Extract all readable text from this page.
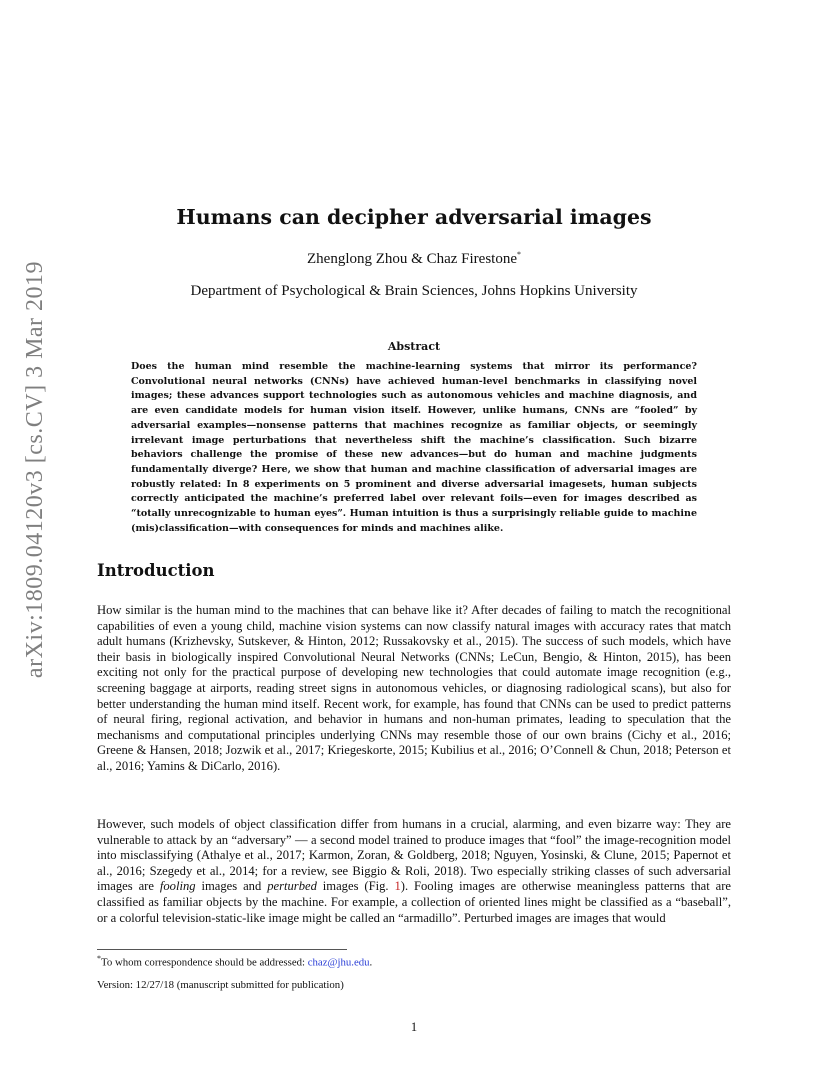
arXiv:1809.04120v3 [cs.CV] 3 Mar 2019
Humans can decipher adversarial images
Zhenglong Zhou & Chaz Firestone*
Department of Psychological & Brain Sciences, Johns Hopkins University
Abstract

Does the human mind resemble the machine-learning systems that mirror its performance? Convolutional neural networks (CNNs) have achieved human-level benchmarks in classifying novel images; these advances support technologies such as autonomous vehicles and machine diagnosis, and are even candidate models for human vision itself. However, unlike humans, CNNs are “fooled” by adversarial examples—nonsense patterns that machines recognize as familiar objects, or seemingly irrelevant image perturbations that nevertheless shift the machine’s classification. Such bizarre behaviors challenge the promise of these new advances—but do human and machine judgments fundamentally diverge? Here, we show that human and machine classification of adversarial images are robustly related: In 8 experiments on 5 prominent and diverse adversarial imagesets, human subjects correctly anticipated the machine’s preferred label over relevant foils—even for images described as “totally unrecognizable to human eyes”. Human intuition is thus a surprisingly reliable guide to machine (mis)classification—with consequences for minds and machines alike.

Introduction

How similar is the human mind to the machines that can behave like it? After decades of failing to match the recognitional capabilities of even a young child, machine vision systems can now classify natural images with accuracy rates that match adult humans (Krizhevsky, Sutskever, & Hinton, 2012; Russakovsky et al., 2015). The success of such models, which have their basis in biologically inspired Convolutional Neural Networks (CNNs; LeCun, Bengio, & Hinton, 2015), has been exciting not only for the practical purpose of developing new technologies that could automate image recognition (e.g., screening baggage at airports, reading street signs in autonomous vehicles, or diagnosing radiological scans), but also for better understanding the human mind itself. Recent work, for example, has found that CNNs can be used to predict patterns of neural firing, regional activation, and behavior in humans and non-human primates, leading to speculation that the mechanisms and computational principles underlying CNNs may resemble those of our own brains (Cichy et al., 2016; Greene & Hansen, 2018; Jozwik et al., 2017; Kriegeskorte, 2015; Kubilius et al., 2016; O’Connell & Chun, 2018; Peterson et al., 2016; Yamins & DiCarlo, 2016).

However, such models of object classification differ from humans in a crucial, alarming, and even bizarre way: They are vulnerable to attack by an “adversary” — a second model trained to produce images that “fool” the image-recognition model into misclassifying (Athalye et al., 2017; Karmon, Zoran, & Goldberg, 2018; Nguyen, Yosinski, & Clune, 2015; Papernot et al., 2016; Szegedy et al., 2014; for a review, see Biggio & Roli, 2018). Two especially striking classes of such adversarial images are fooling images and perturbed images (Fig. 1). Fooling images are otherwise meaningless patterns that are classified as familiar objects by the machine. For example, a collection of oriented lines might be classified as a “baseball”, or a colorful television-static-like image might be called an “armadillo”. Perturbed images are images that would

*To whom correspondence should be addressed: chaz@jhu.edu.
Version: 12/27/18 (manuscript submitted for publication)
1
